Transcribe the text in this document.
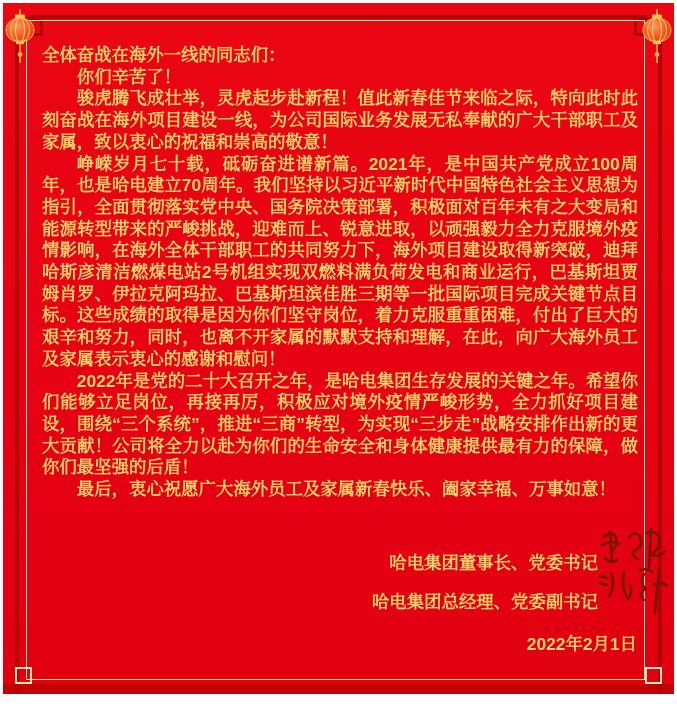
全体奋战在海外一线的同志们：

你们辛苦了！

骏虎腾飞成壮举，灵虎起步赴新程！值此新春佳节来临之际，特向此时此刻奋战在海外项目建设一线，为公司国际业务发展无私奉献的广大干部职工及家属，致以衷心的祝福和崇高的敬意！

峥嵘岁月七十载，砥砺奋进谱新篇。2021年，是中国共产党成立100周年，也是哈电建立70周年。我们坚持以习近平新时代中国特色社会主义思想为指引，全面贯彻落实党中央、国务院决策部署，积极面对百年未有之大变局和能源转型带来的严峻挑战，迎难而上、锐意进取，以顽强毅力全力克服境外疫情影响，在海外全体干部职工的共同努力下，海外项目建设取得新突破，迪拜哈斯彦清洁燃煤电站2号机组实现双燃料满负荷发电和商业运行，巴基斯坦贾姆肖罗、伊拉克阿玛拉、巴基斯坦滨佳胜三期等一批国际项目完成关键节点目标。这些成绩的取得是因为你们坚守岗位，着力克服重重困难，付出了巨大的艰辛和努力，同时，也离不开家属的默默支持和理解，在此，向广大海外员工及家属表示衷心的感谢和慰问！

2022年是党的二十大召开之年，是哈电集团生存发展的关键之年。希望你们能够立足岗位，再接再厉，积极应对境外疫情严峻形势，全力抓好项目建设，围绕“三个系统”，推进“三商”转型，为实现“三步走”战略安排作出新的更大贡献！公司将全力以赴为你们的生命安全和身体健康提供最有力的保障，做你们最坚强的后盾！

最后，衷心祝愿广大海外员工及家属新春快乐、阖家幸福、万事如意！

哈电集团董事长、党委书记
哈电集团总经理、党委副书记
2022年2月1日
